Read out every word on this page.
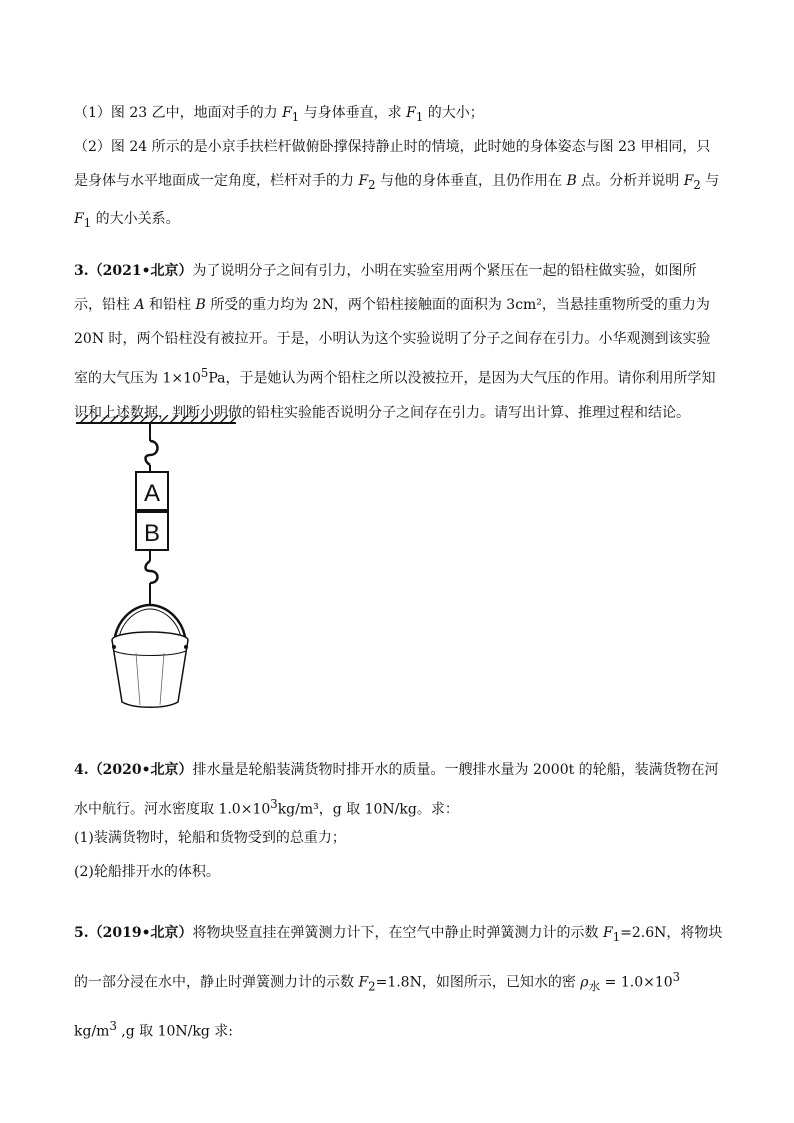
（1）图 23 乙中，地面对手的力 $F_1$ 与身体垂直，求 $F_1$ 的大小；

（2）图 24 所示的是小京手扶栏杆做俯卧撑保持静止时的情境，此时她的身体姿态与图 23 甲相同，只是身体与水平地面成一定角度，栏杆对手的力 $F_2$ 与他的身体垂直，且仍作用在 B 点。分析并说明 $F_2$ 与 $F_1$ 的大小关系。

3.（2021•北京）为了说明分子之间有引力，小明在实验室用两个紧压在一起的铅柱做实验，如图所示，铅柱 A 和铅柱 B 所受的重力均为 2N，两个铅柱接触面的面积为 3cm²，当悬挂重物所受的重力为 20N 时，两个铅柱没有被拉开。于是，小明认为这个实验说明了分子之间存在引力。小华观测到该实验室的大气压为 $1\times 10^5Pa$，于是她认为两个铅柱之所以没被拉开，是因为大气压的作用。请你利用所学知识和上述数据，判断小明做的铅柱实验能否说明分子之间存在引力。请写出计算、推理过程和结论。

A
B

4.（2020•北京）排水量是轮船装满货物时排开水的质量。一艘排水量为 2000t 的轮船，装满货物在河水中航行。河水密度取 $1.0\times 10^3kg/m^3$，g 取 10N/kg。求：

(1)装满货物时，轮船和货物受到的总重力；

(2)轮船排开水的体积。

5.（2019•北京）将物块竖直挂在弹簧测力计下，在空气中静止时弹簧测力计的示数 $F_1=2.6N$，将物块的一部分浸在水中，静止时弹簧测力计的示数 $F_2=1.8N$，如图所示，已知水的密 $\rho_水 = 1.0\times 10^3$ $kg/m^3$ ,g 取 10N/kg 求:
